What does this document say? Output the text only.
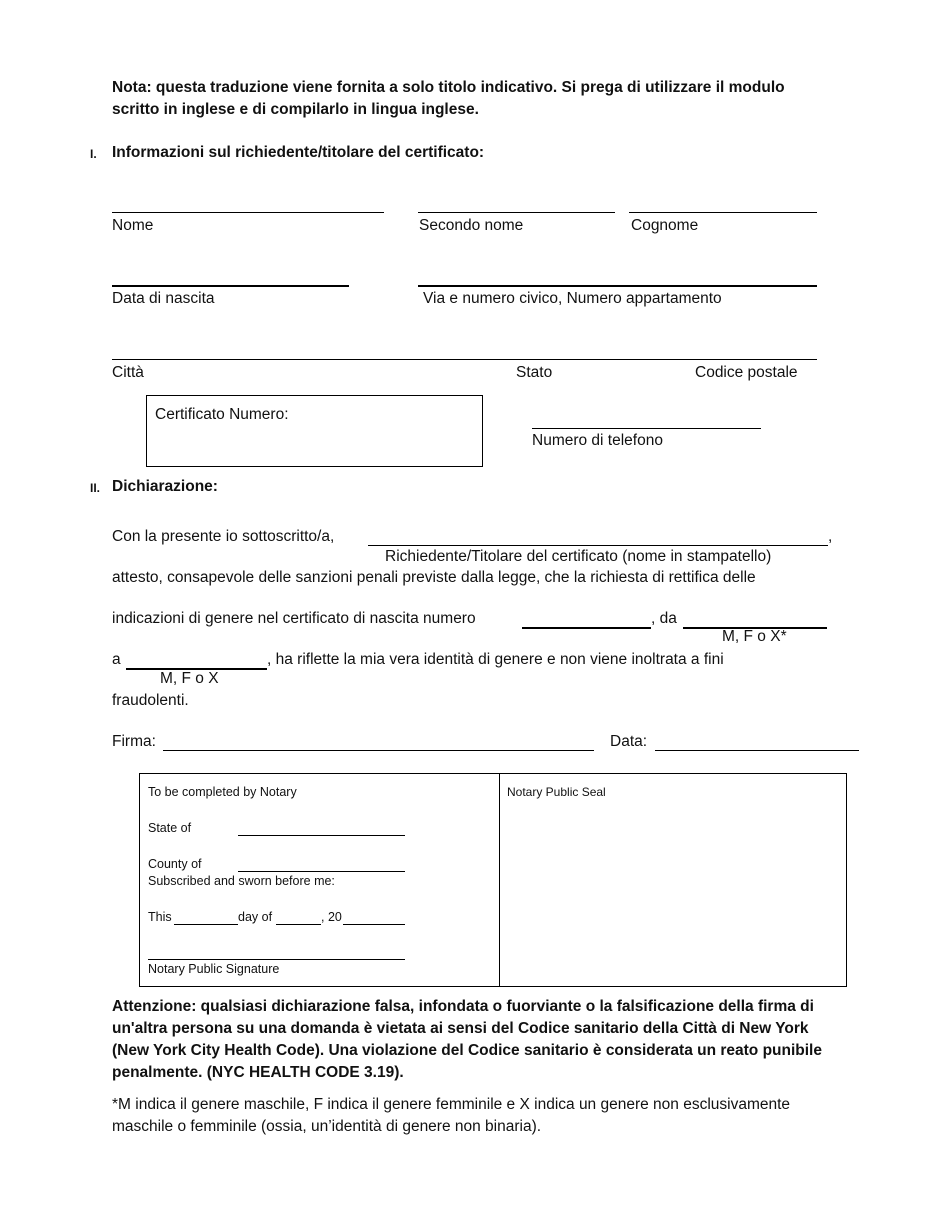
Nota: questa traduzione viene fornita a solo titolo indicativo. Si prega di utilizzare il modulo
scritto in inglese e di compilarlo in lingua inglese.
I. Informazioni sul richiedente/titolare del certificato:
Nome	Secondo nome	Cognome
Data di nascita	Via e numero civico, Numero appartamento
Città	Stato	Codice postale
Certificato Numero:
Numero di telefono
II. Dichiarazione:
Con la presente io sottoscritto/a,	,
Richiedente/Titolare del certificato (nome in stampatello)
attesto, consapevole delle sanzioni penali previste dalla legge, che la richiesta di rettifica delle
indicazioni di genere nel certificato di nascita numero	, da
M, F o X*
a	, ha riflette la mia vera identità di genere e non viene inoltrata a fini
M, F o X
fraudolenti.
Firma:	Data:
To be completed by Notary
State of
County of
Subscribed and sworn before me:
This	day of	, 20
Notary Public Signature
Notary Public Seal
Attenzione: qualsiasi dichiarazione falsa, infondata o fuorviante o la falsificazione della firma di
un'altra persona su una domanda è vietata ai sensi del Codice sanitario della Città di New York
(New York City Health Code). Una violazione del Codice sanitario è considerata un reato punibile
penalmente. (NYC HEALTH CODE 3.19).
*M indica il genere maschile, F indica il genere femminile e X indica un genere non esclusivamente
maschile o femminile (ossia, un’identità di genere non binaria).
